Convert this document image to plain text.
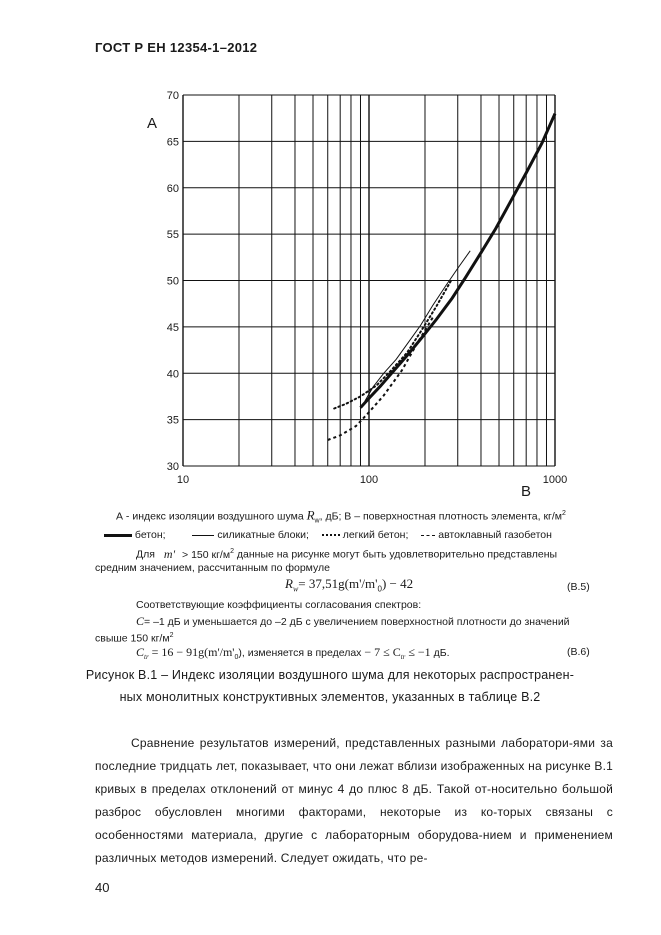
ГОСТ Р ЕН 12354-1–2012
30
35
40
45
50
55
60
65
70
10	100	1000
A
B
А - индекс изоляции воздушного шума $R_w$, дБ; В – поверхностная плотность элемента, $кг/м^2$
бетон;	силикатные блоки;	легкий бетон;	автоклавный газобетон
Для m' > 150 $кг/м^2$ данные на рисунке могут быть удовлетворительно представлены
средним значением, рассчитанным по формуле
$R_w= 37,51g(m'/m'_0) - 42$	(В.5)
Соответствующие коэффициенты согласования спектров:
C= –1 дБ и уменьшается до –2 дБ с увеличением поверхностной плотности до значений
свыше 150 $кг/м^2$
$C_{tr} = 16 - 91g(m'/m'_0)$, изменяется в пределах − $7 \le C_{tr} \le -1$ дБ.	(В.6)
Рисунок В.1 – Индекс изоляции воздушного шума для некоторых распространен-
ных монолитных конструктивных элементов, указанных в таблице В.2

Сравнение результатов измерений, представленных разными лаборатори-ями за последние тридцать лет, показывает, что они лежат вблизи изображенных на рисунке В.1 кривых в пределах отклонений от минус 4 до плюс 8 дБ. Такой от-носительно большой разброс обусловлен многими факторами, некоторые из ко-торых связаны с особенностями материала, другие с лабораторным оборудова-нием и применением различных методов измерений. Следует ожидать, что ре-

40
